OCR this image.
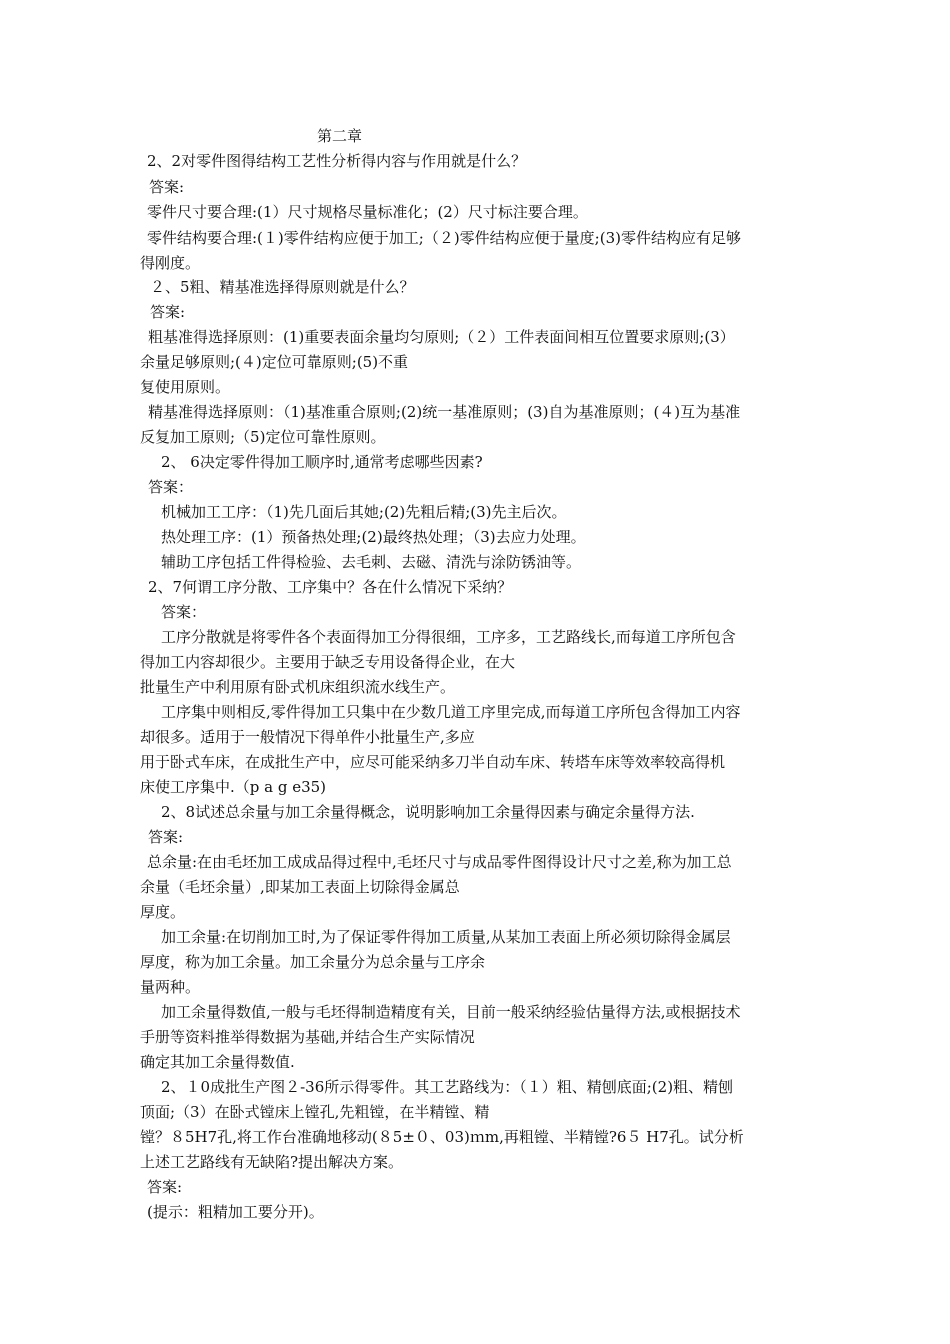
第二章
2、2对零件图得结构工艺性分析得内容与作用就是什么？
答案:
零件尺寸要合理:(1）尺寸规格尽量标准化；(2）尺寸标注要合理。
零件结构要合理:(１)零件结构应便于加工;（２)零件结构应便于量度;(3)零件结构应有足够
得刚度。
２、5粗、精基准选择得原则就是什么？
答案:
粗基准得选择原则：(1)重要表面余量均匀原则;（２）工件表面间相互位置要求原则;(3）
余量足够原则;(４)定位可靠原则;(5)不重
复使用原则。
精基准得选择原则：（1)基准重合原则;(2)统一基准原则；(3)自为基准原则；(４)互为基准
反复加工原则;（5)定位可靠性原则。
2、 6决定零件得加工顺序时,通常考虑哪些因素?
答案：
机械加工工序：（1)先几面后其她;(2)先粗后精;(3)先主后次。
热处理工序：(1）预备热处理;(2)最终热处理；（3)去应力处理。
辅助工序包括工件得检验、去毛刺、去磁、清洗与涂防锈油等。
2、7何谓工序分散、工序集中？各在什么情况下采纳？
答案：
工序分散就是将零件各个表面得加工分得很细，工序多，工艺路线长,而每道工序所包含
得加工内容却很少。主要用于缺乏专用设备得企业，在大
批量生产中利用原有卧式机床组织流水线生产。
工序集中则相反,零件得加工只集中在少数几道工序里完成,而每道工序所包含得加工内容
却很多。适用于一般情况下得单件小批量生产,多应
用于卧式车床，在成批生产中，应尽可能采纳多刀半自动车床、转塔车床等效率较高得机
床使工序集中.（p a g e35)
2、8试述总余量与加工余量得概念，说明影响加工余量得因素与确定余量得方法.
答案:
总余量:在由毛坯加工成成品得过程中,毛坯尺寸与成品零件图得设计尺寸之差,称为加工总
余量（毛坯余量）,即某加工表面上切除得金属总
厚度。
加工余量:在切削加工时,为了保证零件得加工质量,从某加工表面上所必须切除得金属层
厚度，称为加工余量。加工余量分为总余量与工序余
量两种。
加工余量得数值,一般与毛坯得制造精度有关，目前一般采纳经验估量得方法,或根据技术
手册等资料推举得数据为基础,并结合生产实际情况
确定其加工余量得数值.
2、１0成批生产图２-36所示得零件。其工艺路线为：（１）粗、精刨底面;(2)粗、精刨
顶面;（3）在卧式镗床上镗孔,先粗镗，在半精镗、精
镗？８5H7孔,将工作台准确地移动(８5±０、03)ｍm,再粗镗、半精镗?6５ H7孔。试分析
上述工艺路线有无缺陷?提出解决方案。
答案:
(提示：粗精加工要分开)。
